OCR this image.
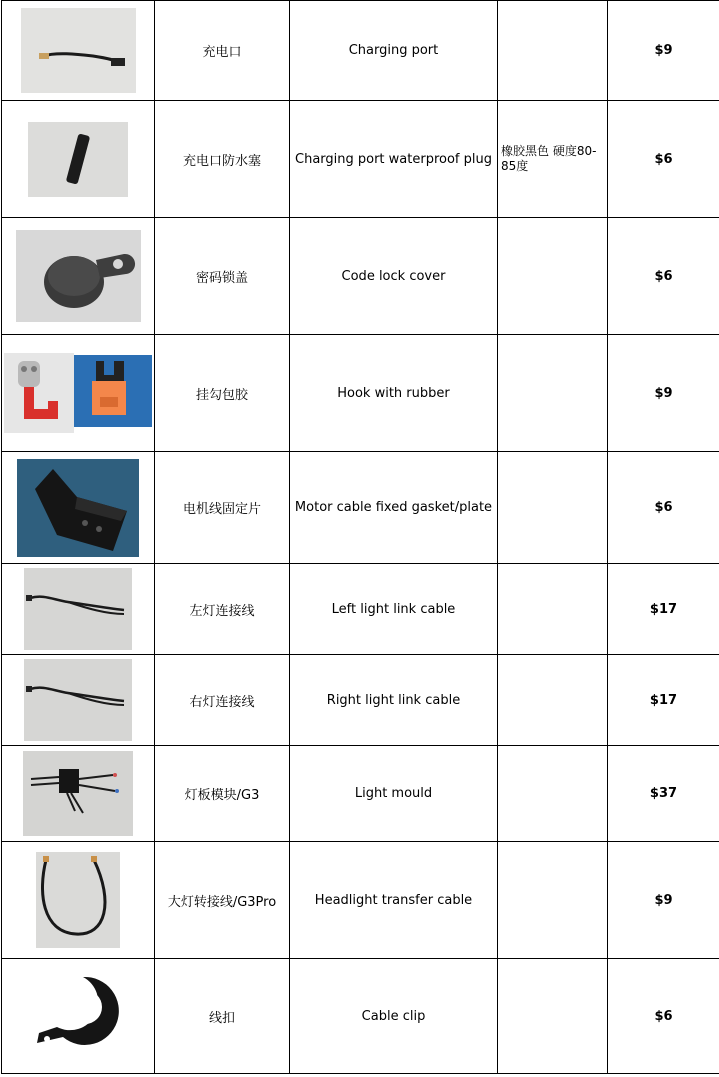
	充电口	Charging port		$9

	充电口防水塞	Charging port waterproof plug	橡胶黑色 硬度80-85度	$6

	密码锁盖	Code lock cover		$6

	挂勾包胶	Hook with rubber		$9

	电机线固定片	Motor cable fixed gasket/plate		$6

	左灯连接线	Left light link cable		$17

	右灯连接线	Right light link cable		$17

	灯板模块/G3	Light mould		$37

	大灯转接线/G3Pro	Headlight transfer cable		$9

	线扣	Cable clip		$6
